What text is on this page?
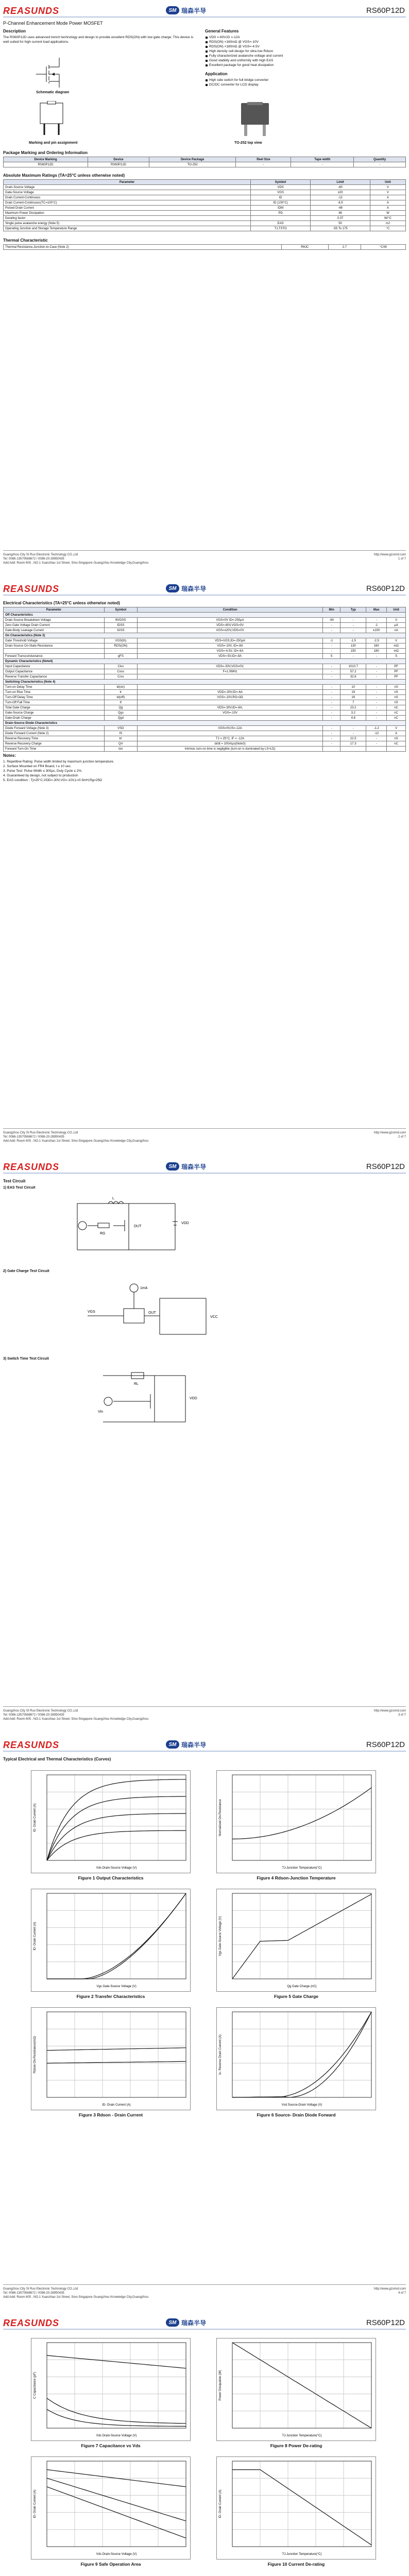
REASUNDS	SM 瑞森半导	RS60P12D
P-Channel Enhancement Mode Power MOSFET
Description
The RS60P12D uses advanced trench technology and design to provide excellent RDS(ON) with low gate charge. This device is well suited for high current load applications.
Schematic diagram
Marking and pin assignment
General Features
VDS =-60V,ID =-12A
RDS(ON) <160mΩ @ VGS=-10V
RDS(ON) <180mΩ @ VGS=-4.5V
High density cell design for ultra low Rdson
Fully characterized avalanche voltage and current
Good stability and uniformity with high EAS
Excellent package for good heat dissipation
Application
High side switch for full bridge converter
DC/DC converter for LCD display
TO-252 top view
Package Marking and Ordering Information
Device Marking	Device	Device Package	Reel Size	Tape width	Quantity
RS60P12D	RS60P12D	TO-252	-	-	-
Absolute Maximum Ratings (TA=25°C unless otherwise noted)
Parameter	Symbol	Limit	Unit
Drain-Source Voltage	VDS	-60	V
Gate-Source Voltage	VGS	±20	V
Drain Current-Continuous	ID	-12	A
Drain Current-Continuous(TC=100°C)	ID (100°C)	-8.5	A
Pulsed Drain Current	IDM	-48	A
Maximum Power Dissipation	PD	46	W
Derating factor		0.37	W/°C
Single pulse avalanche energy (Note 5)	EAS	50	mJ
Operating Junction and Storage Temperature Range	TJ,TSTG	-55 To 175	°C
Thermal Characteristic
Thermal Resistance,Junction-to-Case (Note 2)	RθJC	2.7	°C/W
Guangzhou City SI Ruo Electronic Technology CO.,Ltd
Tel: 0086-13570568672 / 0086-20-28950435
Add:Add: Room 605 , NO.1 Xuanzhao 1st Street, Sino-Singapore Guangzhou Knowledge City,Guangzhou
http://www.gzsmrd.com
1 of 7
REASUNDS	SM 瑞森半导	RS60P12D
Electrical Characteristics (TA=25°C unless otherwise noted)
Parameter	Symbol	Condition	Min	Typ	Max	Unit
Off Characteristics						
Drain-Source Breakdown Voltage	BVDSS	VGS=0V ID=-250μA	-60	-	-	V
Zero Gate Voltage Drain Current	IDSS	VDS=-60V,VGS=0V	-	-	-1	μA
Gate-Body Leakage Current	IGSS	VGS=±20V,VDS=0V	-	-	±100	nA
On Characteristics (Note 3)						
Gate Threshold Voltage	VGS(th)	VDS=VGS,ID=-250μA	-1	-1.5	-2.5	V
Drain-Source On-State Resistance	RDS(ON)	VGS=-10V, ID=-8A	-	130	160	mΩ
		VGS=-4.5V, ID=-6A	-	150	180	mΩ
Forward Transconductance	gFS	VDS=-5V,ID=-8A	5	-	-	S
Dynamic Characteristics (Note4)						
Input Capacitance	Clss	VDS=-30V,VGS=0V,	-	1010.7	-	PF
Output Capacitance	Coss	F=1.0MHz	-	57.2	-	PF
Reverse Transfer Capacitance	Crss		-	32.6	-	PF
Switching Characteristics (Note 4)						
Turn-on Delay Time	td(on)		-	10	-	nS
Turn-on Rise Time	tr	VDD=-30V,ID=-6A	-	19	-	nS
Turn-Off Delay Time	td(off)	VGS=-10V,RG=3Ω	-	16	-	nS
Turn-Off Fall Time	tf		-	7	-	nS
Total Gate Charge	Qg	VDS=-30V,ID=-8A,	-	23.2	-	nC
Gate-Source Charge	Qgs	VGS=-10V	-	3.2	-	nC
Gate-Drain Charge	Qgd		-	4.6	-	nC
Drain-Source Diode Characteristics						
Diode Forward Voltage (Note 3)	VSD	VGS=0V,IS=-12A	-	-	-1.2	V
Diode Forward Current (Note 2)	IS		-	-	-12	A
Reverse Recovery Time	trr	TJ = 25°C, IF = -12A	-	22.5	-	nS
Reverse Recovery Charge	Qrr	di/dt = 100A/μs(Note3)	-	17.3	-	nC
Forward Turn-On Time	ton	Intrinsic turn-on time is negligible (turn-on is dominated by LS+LD)				
Notes:
1. Repetitive Rating: Pulse width limited by maximum junction temperature.
2. Surface Mounted on FR4 Board, t ≤ 10 sec.
3. Pulse Test: Pulse Width ≤ 300μs, Duty Cycle ≤ 2%.
4. Guaranteed by design, not subject to production
5. EAS condition : Tj=25°C,VDD=-30V,VG=-10V,L=0.5mH,Rg=25Ω
Guangzhou City SI Ruo Electronic Technology CO.,Ltd
Tel: 0086-13570568672 / 0086-20-28950435
Add:Add: Room 605 , NO.1 Xuanzhao 1st Street, Sino-Singapore Guangzhou Knowledge City,Guangzhou
http://www.gzsmrd.com
2 of 7
REASUNDS	SM 瑞森半导	RS60P12D
Test Circuit
1) EAS Test Circuit
L
RG
VDD
DUT
2) Gate Charge Test Circuit
OUT
VCC
1mA
VGS
3) Switch Time Test Circuit
RL
Vin
VDD
Guangzhou City SI Ruo Electronic Technology CO.,Ltd
Tel: 0086-13570568672 / 0086-20-28950435
Add:Add: Room 605 , NO.1 Xuanzhao 1st Street, Sino-Singapore Guangzhou Knowledge City,Guangzhou
http://www.gzsmrd.com
3 of 7
REASUNDS	SM 瑞森半导	RS60P12D
Typical Electrical and Thermal Characteristics (Curves)
Vds Drain-Source Voltage (V)
ID- Drain Current (A)
Figure 1 Output Characteristics
TJ-Junction Temperature(°C)
Normalized On-Resistance
Figure 4 Rdson-Junction Temperature
Vgs Gate-Source Voltage (V)
ID- Drain Current (A)
Figure 2 Transfer Characteristics
Qg Gate Charge (nC)
Vgs Gate-Source Voltage (V)
Figure 5 Gate Charge
ID- Drain Current (A)
Rdson On-Resistance(mΩ)
Figure 3 Rdson - Drain Current
Vsd Source-Drain Voltage (V)
Is- Reverse Drain Current (A)
Figure 6 Source- Drain Diode Forward
Guangzhou City SI Ruo Electronic Technology CO.,Ltd
Tel: 0086-13570568672 / 0086-20-28950435
Add:Add: Room 605 , NO.1 Xuanzhao 1st Street, Sino-Singapore Guangzhou Knowledge City,Guangzhou
http://www.gzsmrd.com
4 of 7
REASUNDS	SM 瑞森半导	RS60P12D
Vds Drain-Source Voltage (V)
C Capacitance (pF)
Figure 7 Capacitance vs Vds
TJ-Junction Temperature(°C)
Power Dissipation (W)
Figure 8 Power De-rating
Vds Drain-Source Voltage (V)
ID- Drain Current (A)
Figure 9 Safe Operation Area
TJ-Junction Temperature(°C)
ID- Drain Current (A)
Figure 10 Current De-rating
